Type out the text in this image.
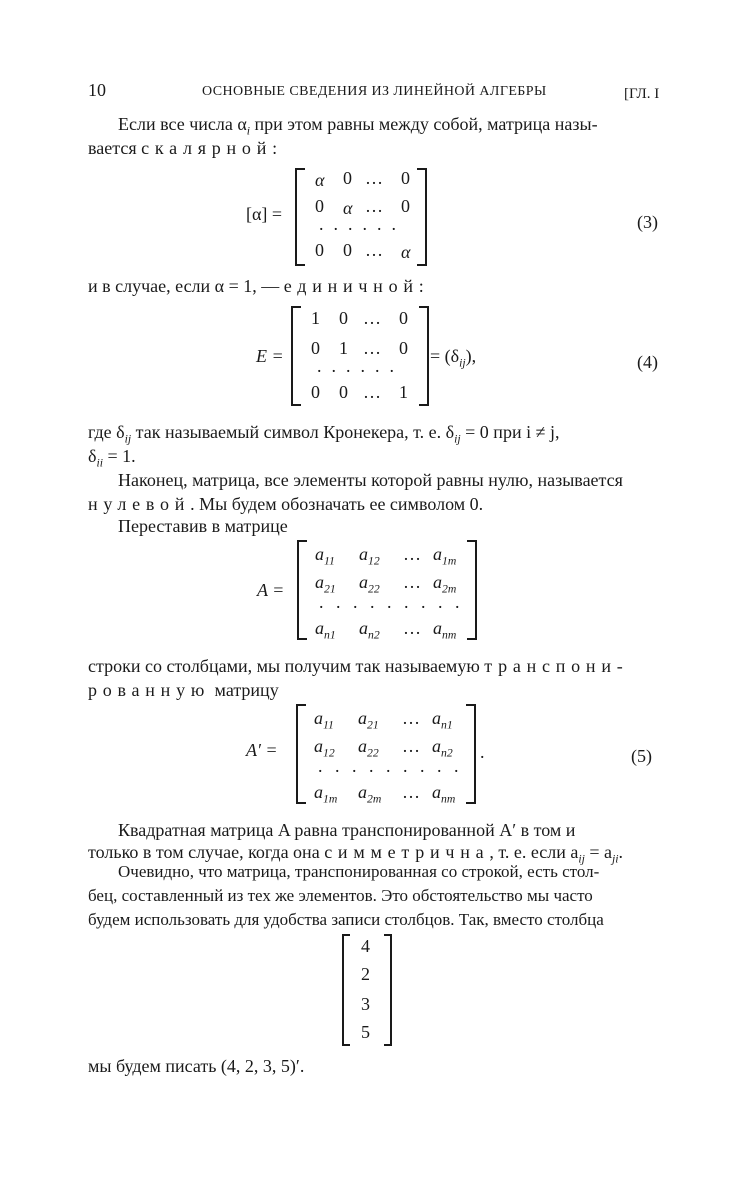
10	ОСНОВНЫЕ СВЕДЕНИЯ ИЗ ЛИНЕЙНОЙ АЛГЕБРЫ	[ГЛ. I
Если все числа $\alpha_i$ при этом равны между собой, матрица назы-
вается скалярной:
[α] =
α 0 … 0
0 α … 0
......
0 0 … α
(3)
и в случае, если α = 1, — единичной:
E =
1 0 … 0
0 1 … 0
......
0 0 … 1
= $(\delta_{ij})$,	(4)
где $\delta_{ij}$ так называемый символ Кронекера, т. е. $\delta_{ij} = 0$ при i ≠ j,
$\delta_{ii} = 1$.
Наконец, матрица, все элементы которой равны нулю, называется
нулевой. Мы будем обозначать ее символом 0.
Переставив в матрице
A =
$a_{11}$ $a_{12}$ … $a_{1m}$
$a_{21}$ $a_{22}$ … $a_{2m}$
. . . . . . . . .
$a_{n1}$ $a_{n2}$ … $a_{nm}$
строки со столбцами, мы получим так называемую транспони-
рованную матрицу
A′ =
$a_{11}$ $a_{21}$ … $a_{n1}$
$a_{12}$ $a_{22}$ … $a_{n2}$
. . . . . . . . .
$a_{1m}$ $a_{2m}$ … $a_{nm}$
.	(5)
Квадратная матрица A равна транспонированной A′ в том и
только в том случае, когда она симметрична, т. е. если $a_{ij} = a_{ji}$.
Очевидно, что матрица, транспонированная со строкой, есть стол-
бец, составленный из тех же элементов. Это обстоятельство мы часто
будем использовать для удобства записи столбцов. Так, вместо столбца
4
2
3
5
мы будем писать (4, 2, 3, 5)′.
